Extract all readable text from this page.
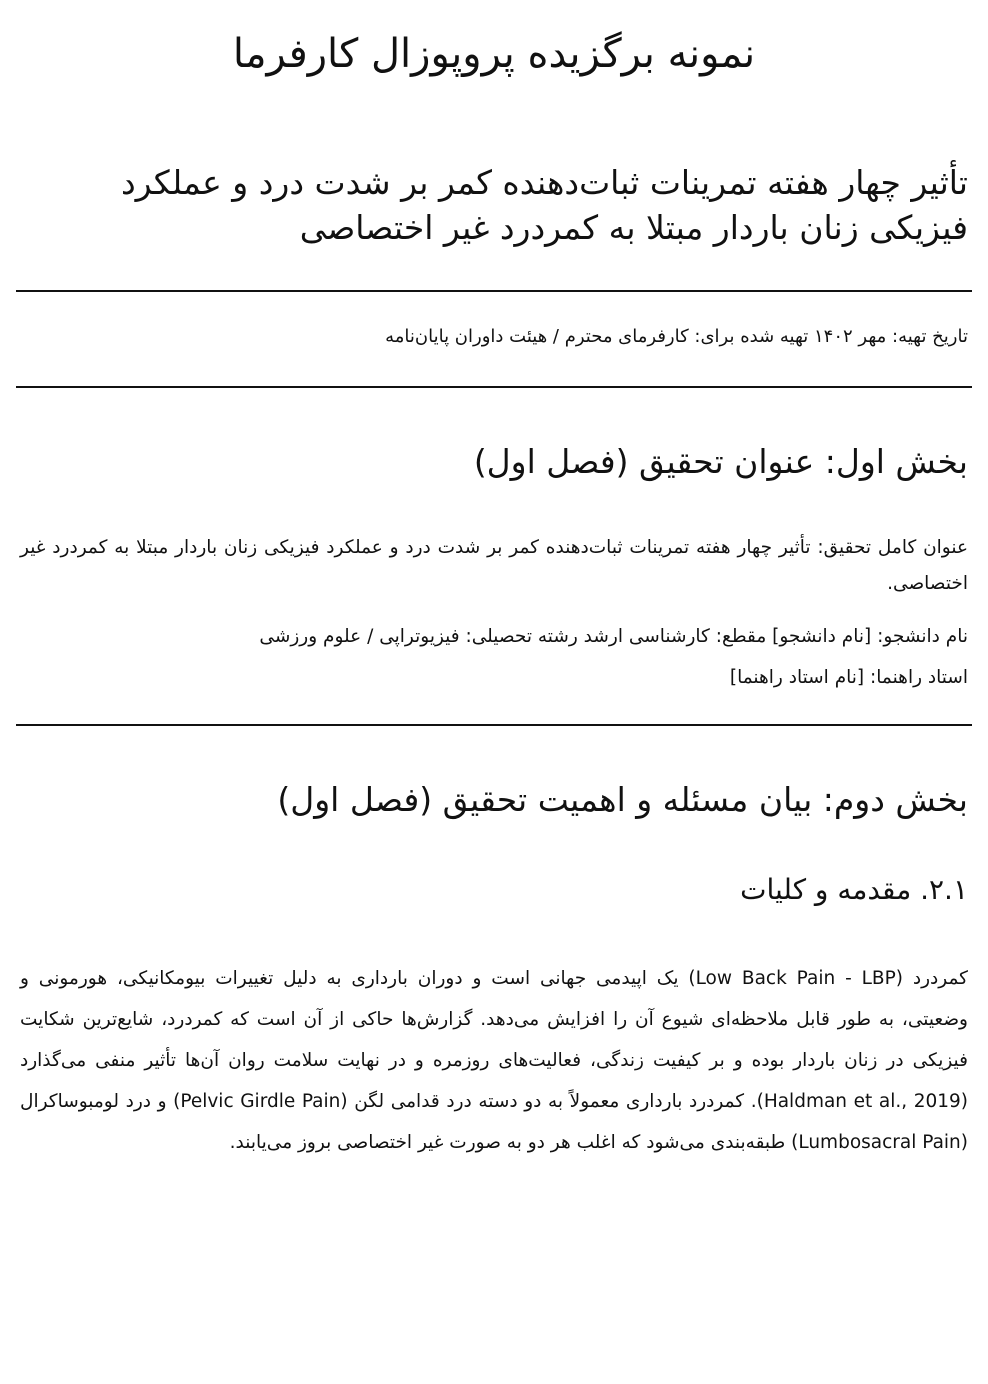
نمونه برگزیده پروپوزال کارفرما
تأثیر چهار هفته تمرینات ثبات‌دهنده کمر بر شدت درد و عملکرد فیزیکی زنان باردار مبتلا به کمردرد غیر اختصاصی
تاریخ تهیه: مهر ۱۴۰۲ تهیه شده برای: کارفرمای محترم / هیئت داوران پایان‌نامه
بخش اول: عنوان تحقیق (فصل اول)

عنوان کامل تحقیق: تأثیر چهار هفته تمرینات ثبات‌دهنده کمر بر شدت درد و عملکرد فیزیکی زنان باردار مبتلا به کمردرد غیر اختصاصی.

نام دانشجو: [نام دانشجو] مقطع: کارشناسی ارشد رشته تحصیلی: فیزیوتراپی / علوم ورزشی
استاد راهنما: [نام استاد راهنما]
بخش دوم: بیان مسئله و اهمیت تحقیق (فصل اول)
۲.۱. مقدمه و کلیات

کمردرد (Low Back Pain - LBP) یک اپیدمی جهانی است و دوران بارداری به دلیل تغییرات بیومکانیکی، هورمونی و وضعیتی، به طور قابل ملاحظه‌ای شیوع آن را افزایش می‌دهد. گزارش‌ها حاکی از آن است که کمردرد، شایع‌ترین شکایت فیزیکی در زنان باردار بوده و بر کیفیت زندگی، فعالیت‌های روزمره و در نهایت سلامت روان آن‌ها تأثیر منفی می‌گذارد (Haldman et al., 2019). کمردرد بارداری معمولاً به دو دسته درد قدامی لگن (Pelvic Girdle Pain) و درد لومبوساکرال (Lumbosacral Pain) طبقه‌بندی می‌شود که اغلب هر دو به صورت غیر اختصاصی بروز می‌یابند.
